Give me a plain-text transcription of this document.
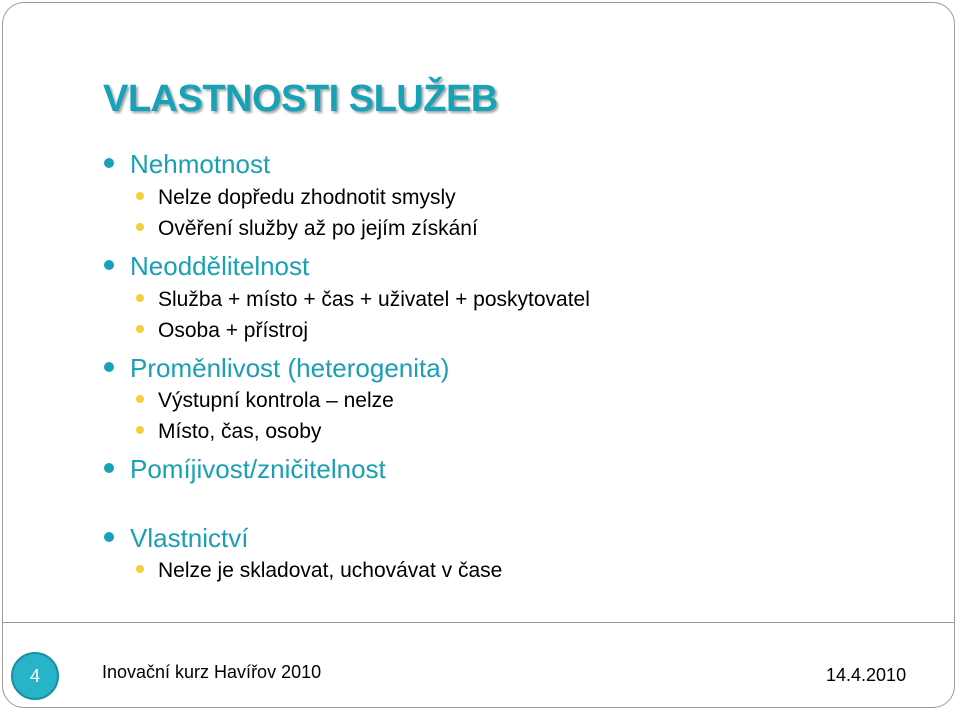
VLASTNOSTI SLUŽEB
Nehmotnost
Nelze dopředu zhodnotit smysly
Ověření služby až po jejím získání
Neoddělitelnost
Služba + místo + čas + uživatel + poskytovatel
Osoba + přístroj
Proměnlivost (heterogenita)
Výstupní kontrola – nelze
Místo, čas, osoby
Pomíjivost/zničitelnost
Vlastnictví
Nelze je skladovat, uchovávat v čase
4	Inovační kurz Havířov 2010	14.4.2010
